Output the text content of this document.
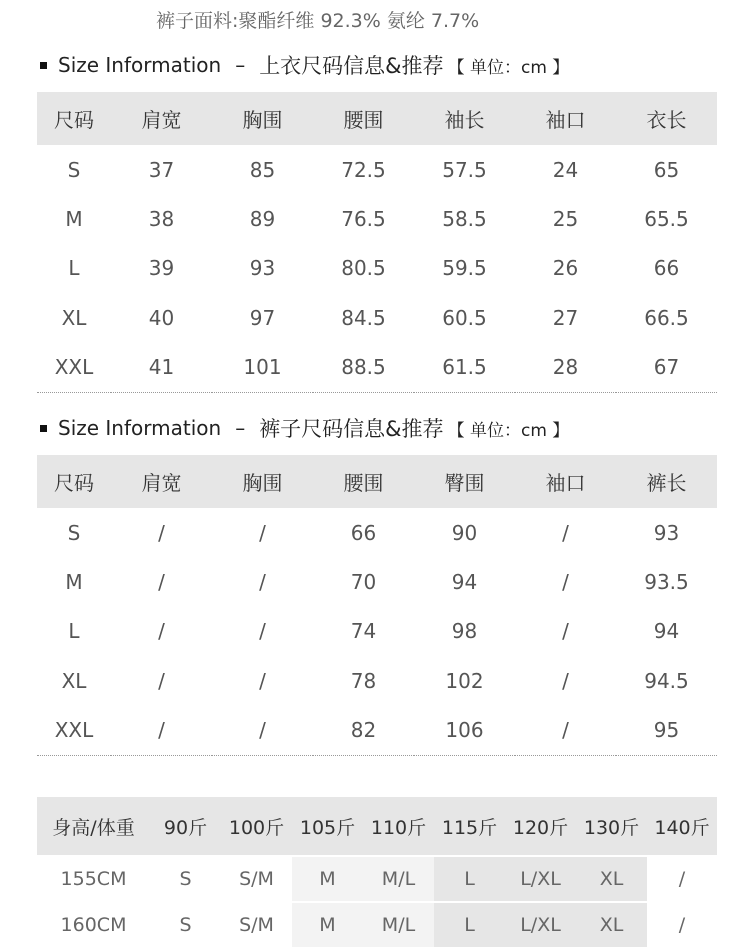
裤子面料:聚酯纤维 92.3% 氨纶 7.7%
Size Information – 上衣尺码信息&推荐 【 单位：cm 】
尺码	肩宽	胸围	腰围	袖长	袖口	衣长
S	37	85	72.5	57.5	24	65
M	38	89	76.5	58.5	25	65.5
L	39	93	80.5	59.5	26	66
XL	40	97	84.5	60.5	27	66.5
XXL	41	101	88.5	61.5	28	67
Size Information – 裤子尺码信息&推荐 【 单位：cm 】
尺码	肩宽	胸围	腰围	臀围	袖口	裤长
S	/	/	66	90	/	93
M	/	/	70	94	/	93.5
L	/	/	74	98	/	94
XL	/	/	78	102	/	94.5
XXL	/	/	82	106	/	95
身高/体重	90斤	100斤	105斤	110斤	115斤	120斤	130斤	140斤
155CM	S	S/M	M	M/L	L	L/XL	XL	/
160CM	S	S/M	M	M/L	L	L/XL	XL	/
